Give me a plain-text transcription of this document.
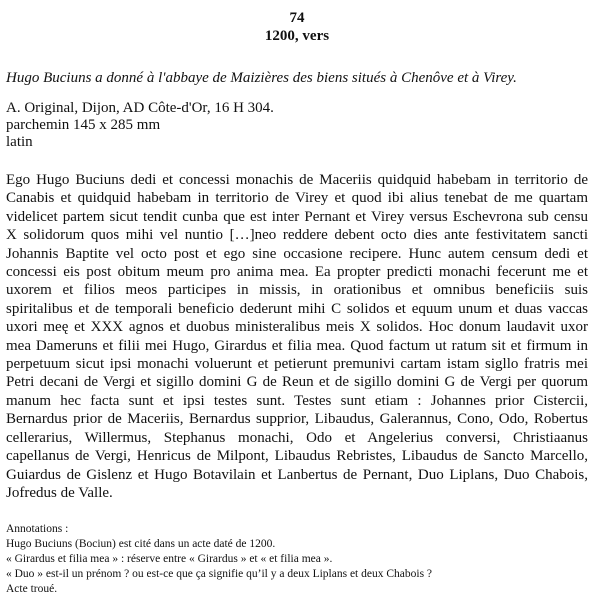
74
1200, vers
Hugo Buciuns a donné à l'abbaye de Maizières des biens situés à Chenôve et à Virey.
A. Original, Dijon, AD Côte-d'Or, 16 H 304.
parchemin 145 x 285 mm
latin
Ego Hugo Buciuns dedi et concessi monachis de Maceriis quidquid habebam in territorio de
Canabis et quidquid habebam in territorio de Virey et quod ibi alius tenebat de me quartam
videlicet partem sicut tendit cunba que est inter Pernant et Virey versus Eschevrona sub censu
X solidorum quos mihi vel nuntio […]neo reddere debent octo dies ante festivitatem sancti
Johannis Baptite vel octo post et ego sine occasione recipere. Hunc autem censum dedi et
concessi eis post obitum meum pro anima mea. Ea propter predicti monachi fecerunt me et
uxorem et filios meos participes in missis, in orationibus et omnibus beneficiis suis
spiritalibus et de temporali beneficio dederunt mihi C solidos et equum unum et duas vaccas
uxori meę et XXX agnos et duobus ministeralibus meis X solidos. Hoc donum laudavit uxor
mea Dameruns et filii mei Hugo, Girardus et filia mea. Quod factum ut ratum sit et firmum in
perpetuum sicut ipsi monachi voluerunt et petierunt premunivi cartam istam sigllo fratris mei
Petri decani de Vergi et sigillo domini G de Reun et de sigillo domini G de Vergi per quorum
manum hec facta sunt et ipsi testes sunt. Testes sunt etiam : Johannes prior Cistercii,
Bernardus prior de Maceriis, Bernardus supprior, Libaudus, Galerannus, Cono, Odo, Robertus
cellerarius, Willermus, Stephanus monachi, Odo et Angelerius conversi, Christiaanus
capellanus de Vergi, Henricus de Milpont, Libaudus Rebristes, Libaudus de Sancto Marcello,
Guiardus de Gislenz et Hugo Botavilain et Lanbertus de Pernant, Duo Liplans, Duo Chabois,
Jofredus de Valle.
Annotations :
Hugo Buciuns (Bociun) est cité dans un acte daté de 1200.
« Girardus et filia mea » : réserve entre « Girardus » et « et filia mea ».
« Duo » est-il un prénom ? ou est-ce que ça signifie qu’il y a deux Liplans et deux Chabois ?
Acte troué.
